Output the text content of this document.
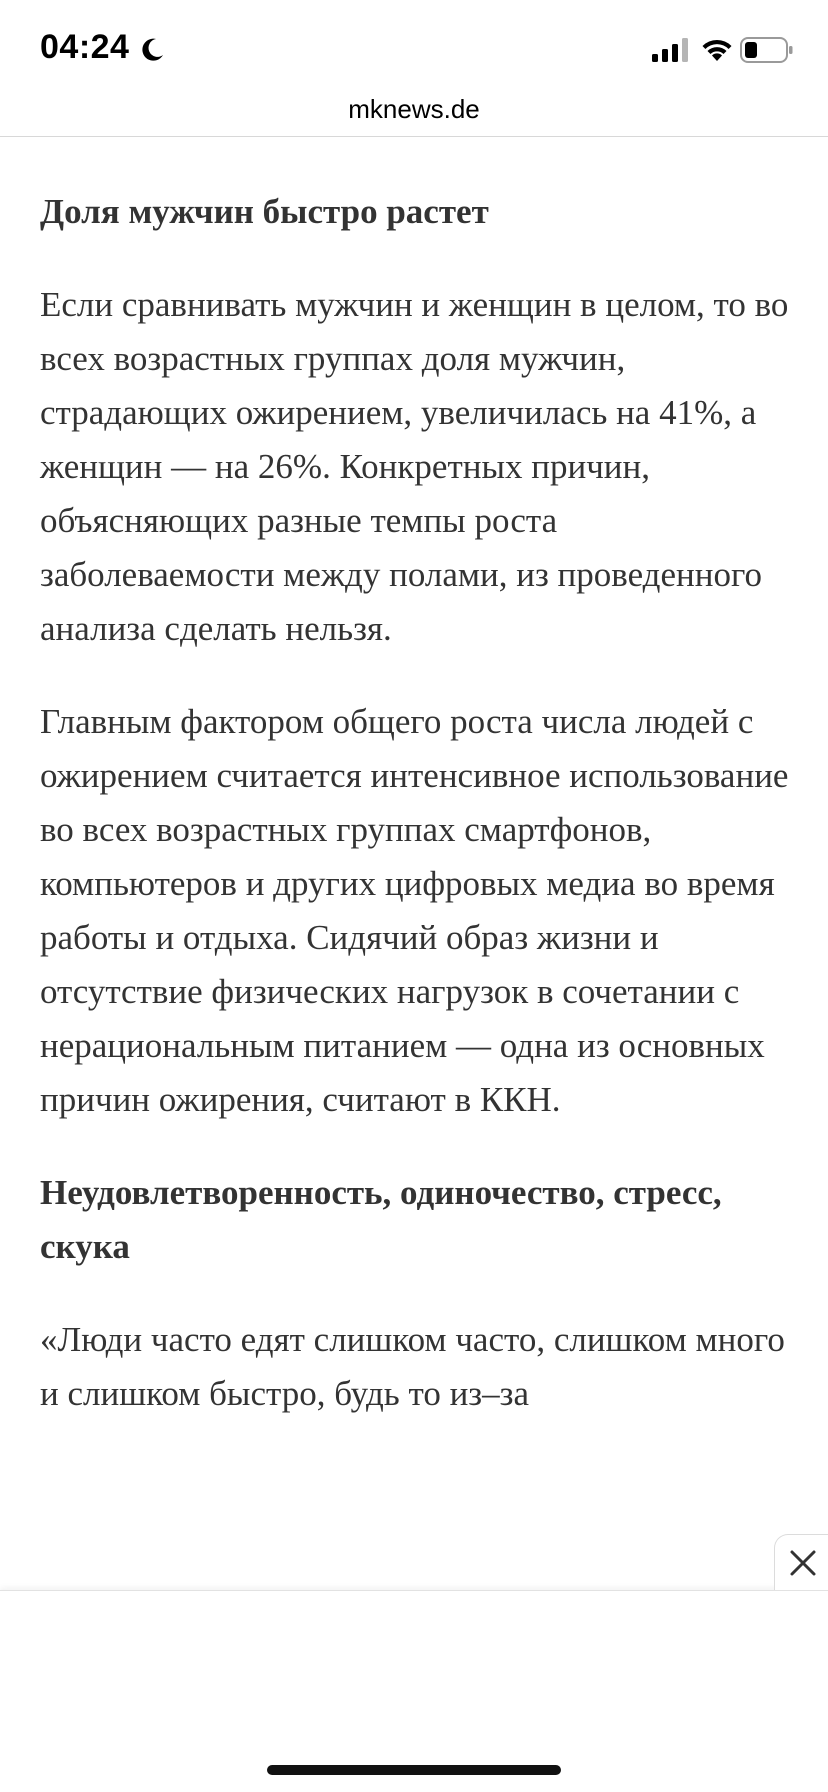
04:24
mknews.de

Доля мужчин быстро растет

Если сравнивать мужчин и женщин в целом, то во всех возрастных группах доля мужчин, страдающих ожирением, увеличилась на 41%, а женщин — на 26%. Конкретных причин, объясняющих разные темпы роста заболеваемости между полами, из проведенного анализа сделать нельзя.

Главным фактором общего роста числа людей с ожирением считается интенсивное использование во всех возрастных группах смартфонов, компьютеров и других цифровых медиа во время работы и отдыха. Сидячий образ жизни и отсутствие физических нагрузок в сочетании с нерациональным питанием — одна из основных причин ожирения, считают в ККН.

Неудовлетворенность, одиночество, стресс, скука

«Люди часто едят слишком часто, слишком много и слишком быстро, будь то из–за
